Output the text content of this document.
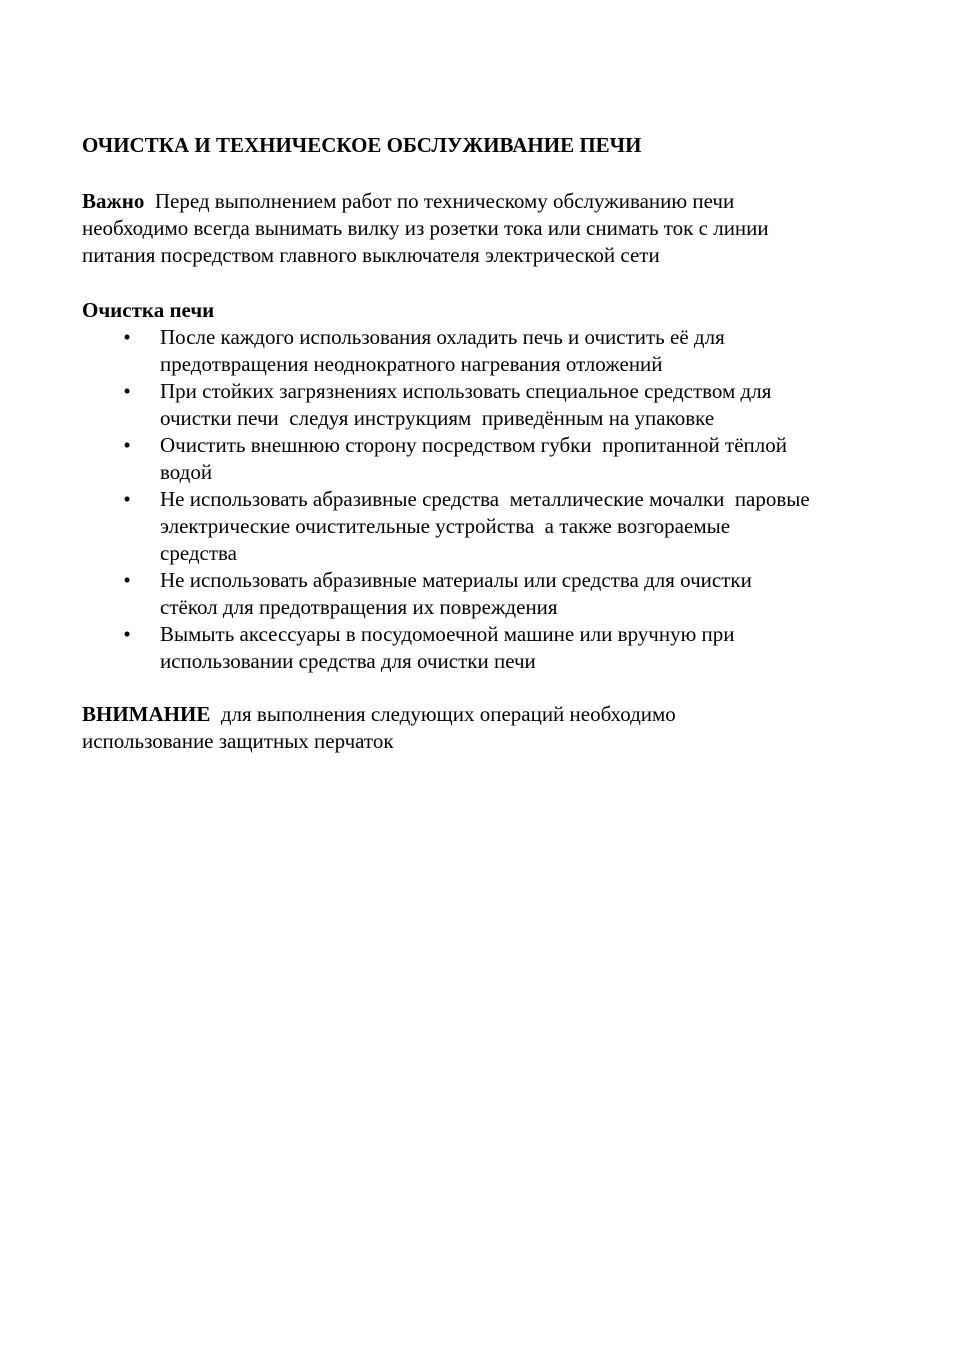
ОЧИСТКА И ТЕХНИЧЕСКОЕ ОБСЛУЖИВАНИЕ ПЕЧИ
Важно  Перед выполнением работ по техническому обслуживанию печи
необходимо всегда вынимать вилку из розетки тока или снимать ток с линии
питания посредством главного выключателя электрической сети
Очистка печи
• После каждого использования охладить печь и очистить её для
предотвращения неоднократного нагревания отложений
• При стойких загрязнениях использовать специальное средством для
очистки печи  следуя инструкциям  приведённым на упаковке
• Очистить внешнюю сторону посредством губки  пропитанной тёплой
водой
• Не использовать абразивные средства  металлические мочалки  паровые
электрические очистительные устройства  а также возгораемые
средства
• Не использовать абразивные материалы или средства для очистки
стёкол для предотвращения их повреждения
• Вымыть аксессуары в посудомоечной машине или вручную при
использовании средства для очистки печи
ВНИМАНИЕ  для выполнения следующих операций необходимо
использование защитных перчаток
